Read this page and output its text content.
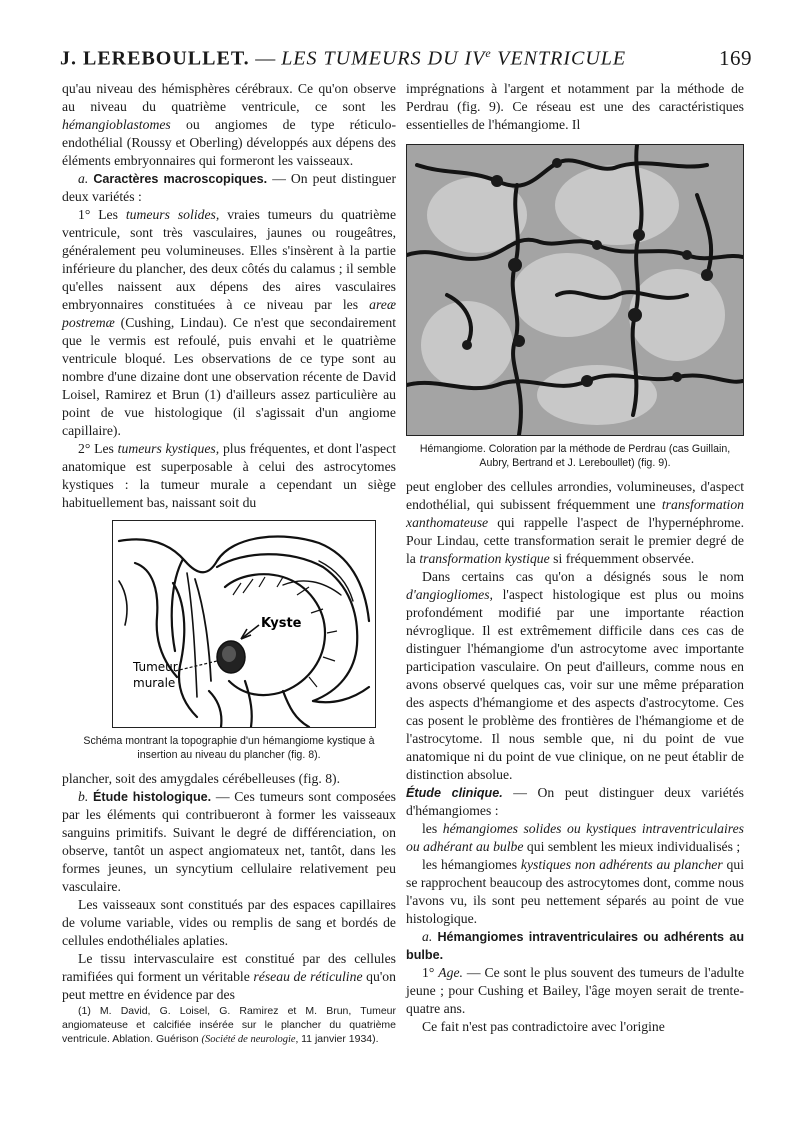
J. LEREBOULLET. — LES TUMEURS DU IVe VENTRICULE	169

qu'au niveau des hémisphères cérébraux. Ce qu'on observe au niveau du quatrième ventricule, ce sont les hémangioblastomes ou angiomes de type réticulo-endothélial (Roussy et Oberling) développés aux dépens des éléments embryonnaires qui formeront les vaisseaux.

a. Caractères macroscopiques. — On peut distinguer deux variétés :

1° Les tumeurs solides, vraies tumeurs du quatrième ventricule, sont très vasculaires, jaunes ou rougeâtres, généralement peu volumineuses. Elles s'insèrent à la partie inférieure du plancher, des deux côtés du calamus ; il semble qu'elles naissent aux dépens des aires vasculaires embryonnaires constituées à ce niveau par les areæ postremæ (Cushing, Lindau). Ce n'est que secondairement que le vermis est refoulé, puis envahi et le quatrième ventricule bloqué. Les observations de ce type sont au nombre d'une dizaine dont une observation récente de David Loisel, Ramirez et Brun (1) d'ailleurs assez particulière au point de vue histologique (il s'agissait d'un angiome capillaire).

2° Les tumeurs kystiques, plus fréquentes, et dont l'aspect anatomique est superposable à celui des astrocytomes kystiques : la tumeur murale a cependant un siège habituellement bas, naissant soit du

Kyste
Tumeur
murale
Schéma montrant la topographie d'un hémangiome kystique à insertion au niveau du plancher (fig. 8).

plancher, soit des amygdales cérébelleuses (fig. 8).

b. Étude histologique. — Ces tumeurs sont composées par les éléments qui contribueront à former les vaisseaux sanguins primitifs. Suivant le degré de différenciation, on observe, tantôt un aspect angiomateux net, tantôt, dans les formes jeunes, un syncytium cellulaire relativement peu vasculaire.

Les vaisseaux sont constitués par des espaces capillaires de volume variable, vides ou remplis de sang et bordés de cellules endothéliales aplaties.

Le tissu intervasculaire est constitué par des cellules ramifiées qui forment un véritable réseau de réticuline qu'on peut mettre en évidence par des

(1) M. David, G. Loisel, G. Ramirez et M. Brun, Tumeur angiomateuse et calcifiée insérée sur le plancher du quatrième ventricule. Ablation. Guérison (Société de neurologie, 11 janvier 1934).

imprégnations à l'argent et notamment par la méthode de Perdrau (fig. 9). Ce réseau est une des caractéristiques essentielles de l'hémangiome. Il

Hémangiome. Coloration par la méthode de Perdrau (cas Guillain, Aubry, Bertrand et J. Lereboullet) (fig. 9).

peut englober des cellules arrondies, volumineuses, d'aspect endothélial, qui subissent fréquemment une transformation xanthomateuse qui rappelle l'aspect de l'hypernéphrome. Pour Lindau, cette transformation serait le premier degré de la transformation kystique si fréquemment observée.

Dans certains cas qu'on a désignés sous le nom d'angiogliomes, l'aspect histologique est plus ou moins profondément modifié par une importante réaction névroglique. Il est extrêmement difficile dans ces cas de distinguer l'hémangiome d'un astrocytome avec importante participation vasculaire. On peut d'ailleurs, comme nous en avons observé quelques cas, voir sur une même préparation des aspects d'hémangiome et des aspects d'astrocytome. Ces cas posent le problème des frontières de l'hémangiome et de l'astrocytome. Il nous semble que, ni du point de vue anatomique ni du point de vue clinique, on ne peut établir de distinction absolue.

Étude clinique. — On peut distinguer deux variétés d'hémangiomes :

les hémangiomes solides ou kystiques intraventriculaires ou adhérant au bulbe qui semblent les mieux individualisés ;

les hémangiomes kystiques non adhérents au plancher qui se rapprochent beaucoup des astrocytomes dont, comme nous l'avons vu, ils sont peu nettement séparés au point de vue histologique.

a. Hémangiomes intraventriculaires ou adhérents au bulbe.

1° Age. — Ce sont le plus souvent des tumeurs de l'adulte jeune ; pour Cushing et Bailey, l'âge moyen serait de trente-quatre ans.

Ce fait n'est pas contradictoire avec l'origine
